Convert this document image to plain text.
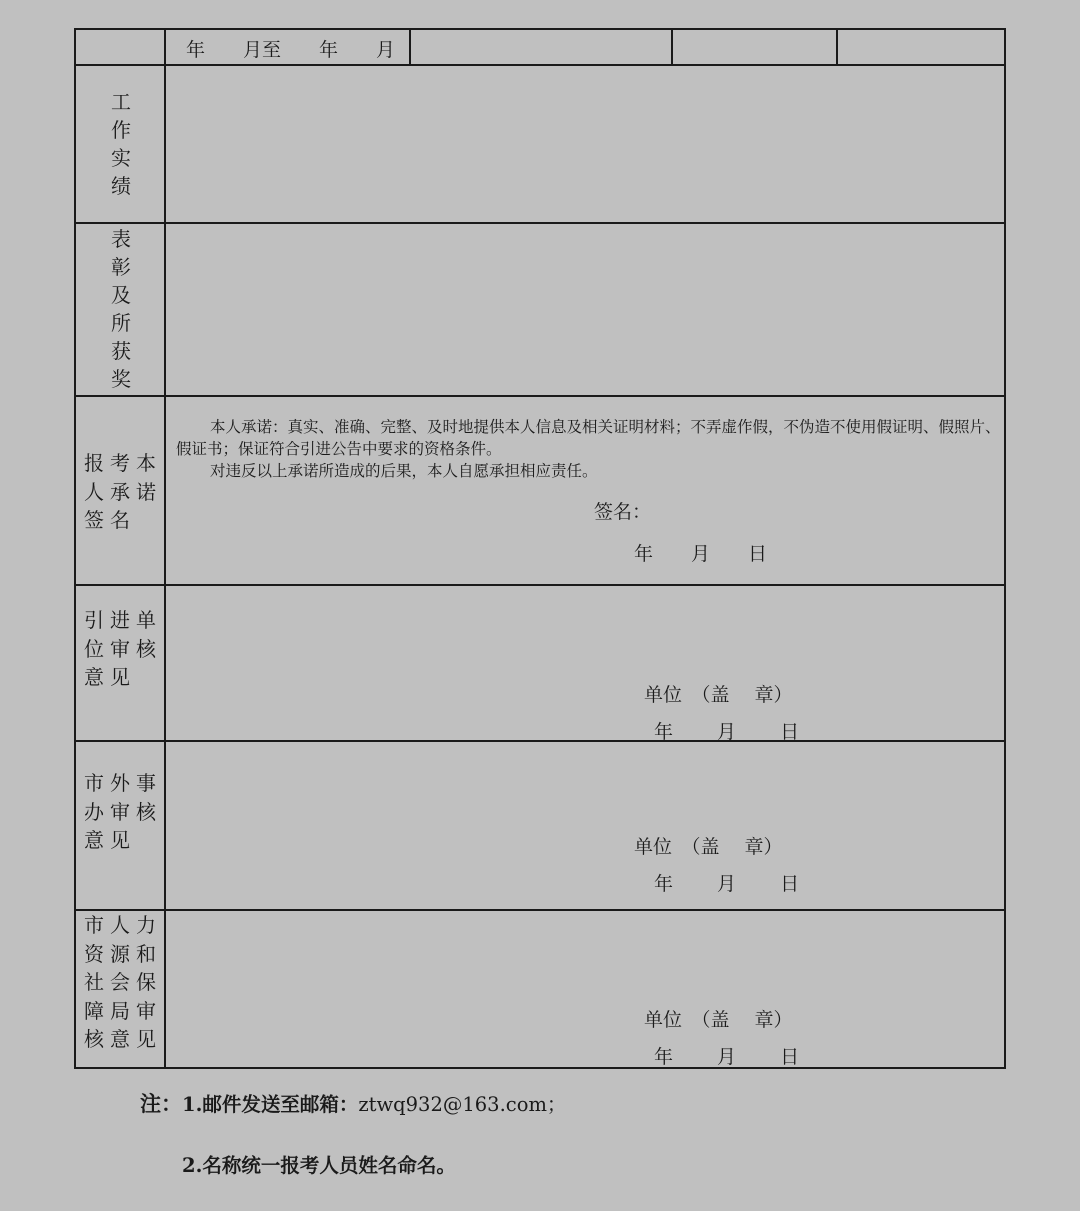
年　　月至　　年　　月
工
作
实
绩
表
彰
及
所
获
奖
报考本
人承诺
签名

本人承诺：真实、准确、完整、及时地提供本人信息及相关证明材料；不弄虚作假，不伪造不使用假证明、假照片、假证书；保证符合引进公告中要求的资格条件。

对违反以上承诺所造成的后果，本人自愿承担相应责任。

签名：
年　　月　　日
引进单
位审核
意见
单位　（盖　 章）
年　　 月　　 日
市外事
办审核
意见	单位　（盖　 章）
年　　 月　　 日
市人力
资源和
社会保
障局审
核意见
单位　（盖　 章）
年　　 月　　 日
注：1.邮件发送至邮箱：ztwq932@163.com；
2.名称统一报考人员姓名命名。
